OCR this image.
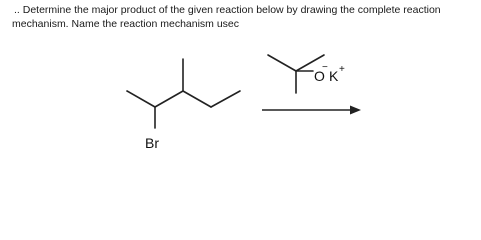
.. Determine the major product of the given reaction below by drawing the complete reaction
mechanism. Name the reaction mechanism usec
Br
O
−
K +
